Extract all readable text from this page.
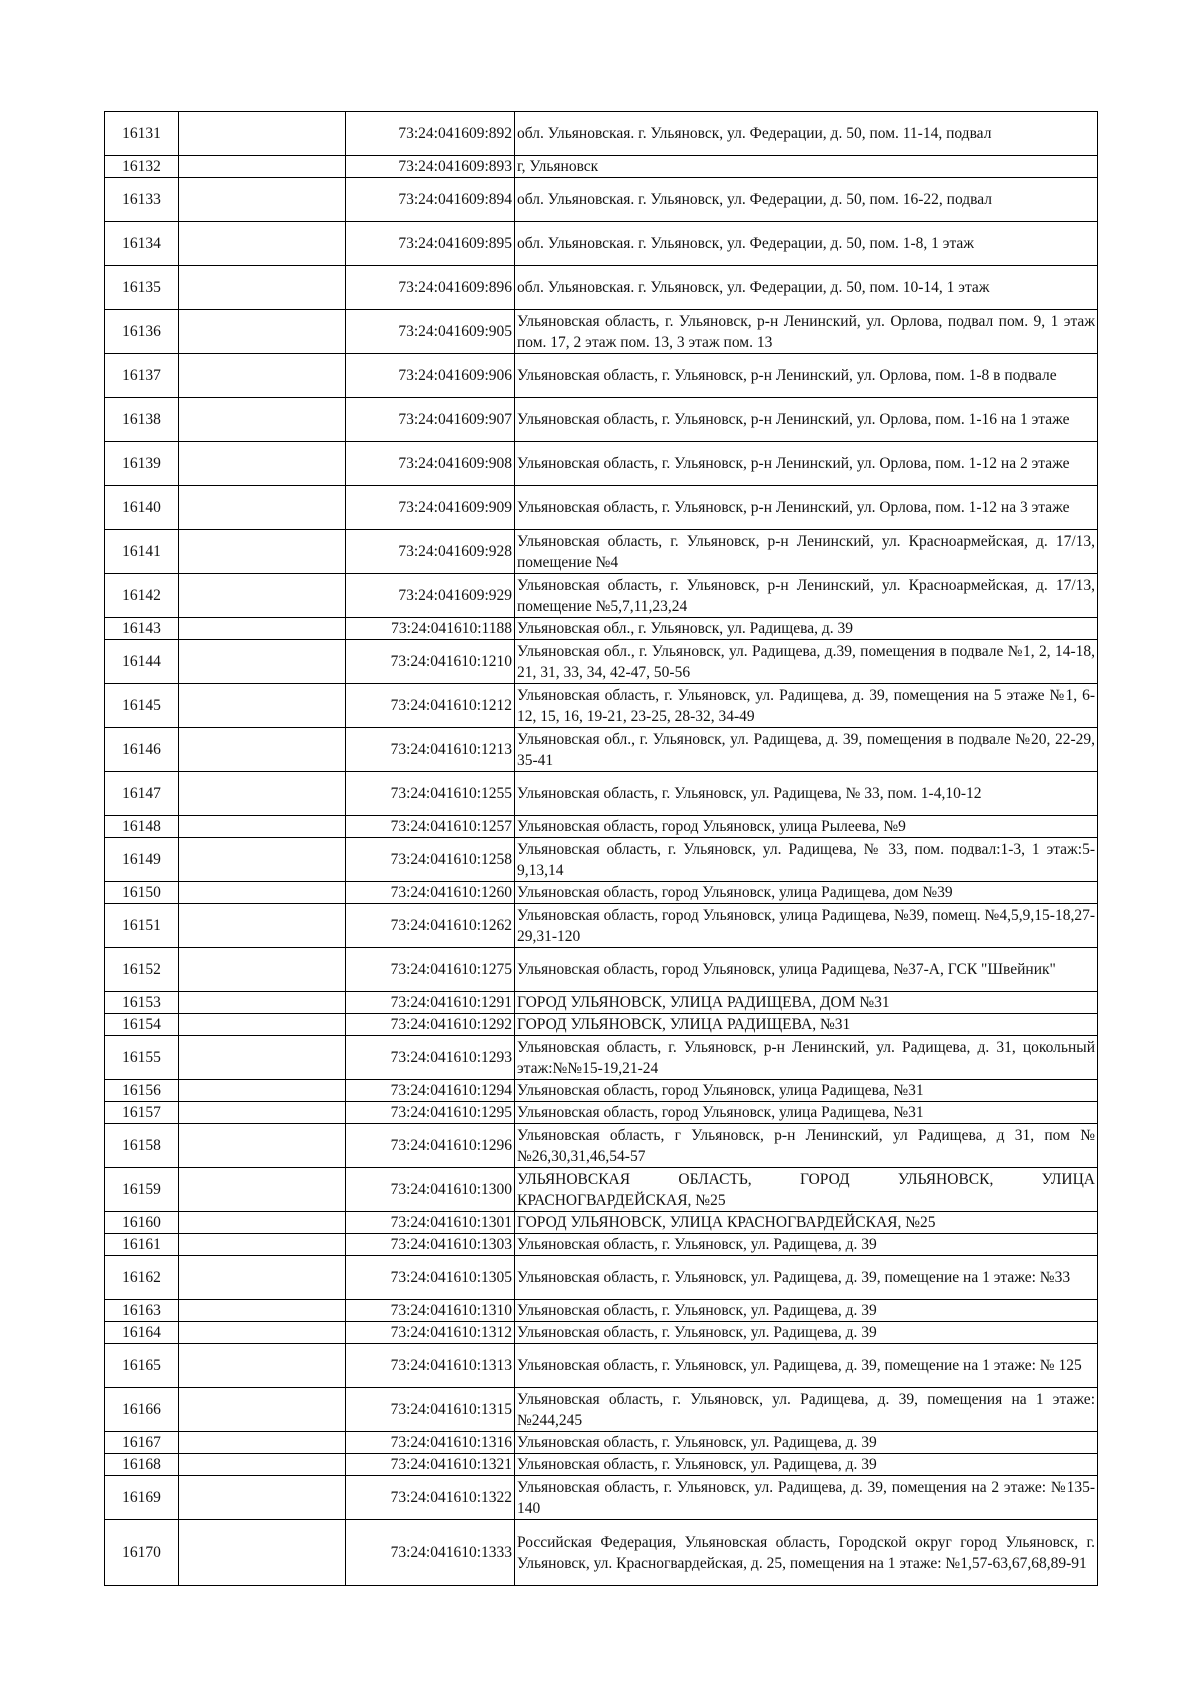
16131		73:24:041609:892	обл. Ульяновская. г. Ульяновск, ул. Федерации, д. 50, пом. 11-14, подвал
16132		73:24:041609:893	г, Ульяновск
16133		73:24:041609:894	обл. Ульяновская. г. Ульяновск, ул. Федерации, д. 50, пом. 16-22, подвал
16134		73:24:041609:895	обл. Ульяновская. г. Ульяновск, ул. Федерации, д. 50, пом. 1-8, 1 этаж
16135		73:24:041609:896	обл. Ульяновская. г. Ульяновск, ул. Федерации, д. 50, пом. 10-14, 1 этаж
16136		73:24:041609:905	Ульяновская область, г. Ульяновск, р-н Ленинский, ул. Орлова, подвал пом. 9, 1 этаж пом. 17, 2 этаж пом. 13, 3 этаж пом. 13
16137		73:24:041609:906	Ульяновская область, г. Ульяновск, р-н Ленинский, ул. Орлова, пом. 1-8 в подвале
16138		73:24:041609:907	Ульяновская область, г. Ульяновск, р-н Ленинский, ул. Орлова, пом. 1-16 на 1 этаже
16139		73:24:041609:908	Ульяновская область, г. Ульяновск, р-н Ленинский, ул. Орлова, пом. 1-12 на 2 этаже
16140		73:24:041609:909	Ульяновская область, г. Ульяновск, р-н Ленинский, ул. Орлова, пом. 1-12 на 3 этаже
16141		73:24:041609:928	Ульяновская область, г. Ульяновск, р-н Ленинский, ул. Красноармейская, д. 17/13, помещение №4
16142		73:24:041609:929	Ульяновская область, г. Ульяновск, р-н Ленинский, ул. Красноармейская, д. 17/13, помещение №5,7,11,23,24
16143		73:24:041610:1188	Ульяновская обл., г. Ульяновск, ул. Радищева, д. 39
16144		73:24:041610:1210	Ульяновская обл., г. Ульяновск, ул. Радищева, д.39, помещения в подвале №1, 2, 14-18, 21, 31, 33, 34, 42-47, 50-56
16145		73:24:041610:1212	Ульяновская область, г. Ульяновск, ул. Радищева, д. 39, помещения на 5 этаже №1, 6-12, 15, 16, 19-21, 23-25, 28-32, 34-49
16146		73:24:041610:1213	Ульяновская обл., г. Ульяновск, ул. Радищева, д. 39, помещения в подвале №20, 22-29, 35-41
16147		73:24:041610:1255	Ульяновская область, г. Ульяновск, ул. Радищева, № 33, пом. 1-4,10-12
16148		73:24:041610:1257	Ульяновская область, город Ульяновск, улица Рылеева, №9
16149		73:24:041610:1258	Ульяновская область, г. Ульяновск, ул. Радищева, № 33, пом. подвал:1-3, 1 этаж:5-9,13,14
16150		73:24:041610:1260	Ульяновская область, город Ульяновск, улица Радищева, дом №39
16151		73:24:041610:1262	Ульяновская область, город Ульяновск, улица Радищева, №39, помещ. №4,5,9,15-18,27-29,31-120
16152		73:24:041610:1275	Ульяновская область, город Ульяновск, улица Радищева, №37-А, ГСК "Швейник"
16153		73:24:041610:1291	ГОРОД УЛЬЯНОВСК, УЛИЦА РАДИЩЕВА, ДОМ №31
16154		73:24:041610:1292	ГОРОД УЛЬЯНОВСК, УЛИЦА РАДИЩЕВА, №31
16155		73:24:041610:1293	Ульяновская область, г. Ульяновск, р-н Ленинский, ул. Радищева, д. 31, цокольный этаж:№№15-19,21-24
16156		73:24:041610:1294	Ульяновская область, город Ульяновск, улица Радищева, №31
16157		73:24:041610:1295	Ульяновская область, город Ульяновск, улица Радищева, №31
16158		73:24:041610:1296	Ульяновская область, г Ульяновск, р-н Ленинский, ул Радищева, д 31, пом №№26,30,31,46,54-57
16159		73:24:041610:1300	УЛЬЯНОВСКАЯ ОБЛАСТЬ, ГОРОД УЛЬЯНОВСК, УЛИЦА КРАСНОГВАРДЕЙСКАЯ, №25
16160		73:24:041610:1301	ГОРОД УЛЬЯНОВСК, УЛИЦА КРАСНОГВАРДЕЙСКАЯ, №25
16161		73:24:041610:1303	Ульяновская область, г. Ульяновск, ул. Радищева, д. 39
16162		73:24:041610:1305	Ульяновская область, г. Ульяновск, ул. Радищева, д. 39, помещение на 1 этаже: №33
16163		73:24:041610:1310	Ульяновская область, г. Ульяновск, ул. Радищева, д. 39
16164		73:24:041610:1312	Ульяновская область, г. Ульяновск, ул. Радищева, д. 39
16165		73:24:041610:1313	Ульяновская область, г. Ульяновск, ул. Радищева, д. 39, помещение на 1 этаже: № 125
16166		73:24:041610:1315	Ульяновская область, г. Ульяновск, ул. Радищева, д. 39, помещения на 1 этаже: №244,245
16167		73:24:041610:1316	Ульяновская область, г. Ульяновск, ул. Радищева, д. 39
16168		73:24:041610:1321	Ульяновская область, г. Ульяновск, ул. Радищева, д. 39
16169		73:24:041610:1322	Ульяновская область, г. Ульяновск, ул. Радищева, д. 39, помещения на 2 этаже: №135-140
16170		73:24:041610:1333	Российская Федерация, Ульяновская область, Городской округ город Ульяновск, г. Ульяновск, ул. Красногвардейская, д. 25, помещения на 1 этаже: №1,57-63,67,68,89-91
